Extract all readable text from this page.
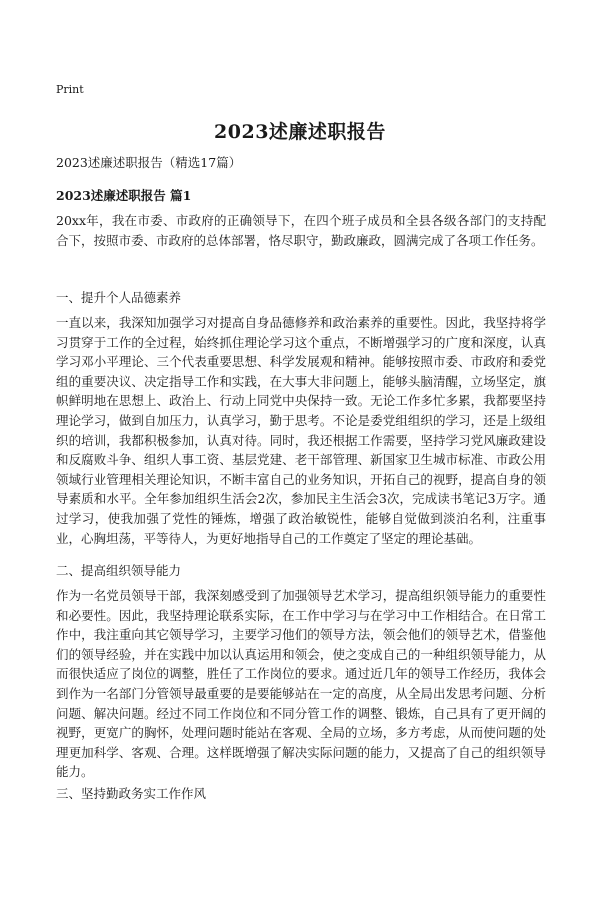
Print
2023述廉述职报告
2023述廉述职报告（精选17篇）
2023述廉述职报告 篇1
20xx年，我在市委、市政府的正确领导下，在四个班子成员和全县各级各部门的支持配合下，按照市委、市政府的总体部署，恪尽职守，勤政廉政，圆满完成了各项工作任务。
一、提升个人品德素养
一直以来，我深知加强学习对提高自身品德修养和政治素养的重要性。因此，我坚持将学习贯穿于工作的全过程，始终抓住理论学习这个重点，不断增强学习的广度和深度，认真学习邓小平理论、三个代表重要思想、科学发展观和精神。能够按照市委、市政府和委党组的重要决议、决定指导工作和实践，在大事大非问题上，能够头脑清醒，立场坚定，旗帜鲜明地在思想上、政治上、行动上同党中央保持一致。无论工作多忙多累，我都要坚持理论学习，做到自加压力，认真学习，勤于思考。不论是委党组组织的学习，还是上级组织的培训，我都积极参加，认真对待。同时，我还根据工作需要，坚持学习党风廉政建设和反腐败斗争、组织人事工资、基层党建、老干部管理、新国家卫生城市标准、市政公用领域行业管理相关理论知识，不断丰富自己的业务知识，开拓自己的视野，提高自身的领导素质和水平。全年参加组织生活会2次，参加民主生活会3次，完成读书笔记3万字。通过学习，使我加强了党性的锤炼，增强了政治敏锐性，能够自觉做到淡泊名利，注重事业，心胸坦荡，平等待人，为更好地指导自己的工作奠定了坚定的理论基础。
二、提高组织领导能力
作为一名党员领导干部，我深刻感受到了加强领导艺术学习，提高组织领导能力的重要性和必要性。因此，我坚持理论联系实际，在工作中学习与在学习中工作相结合。在日常工作中，我注重向其它领导学习，主要学习他们的领导方法，领会他们的领导艺术，借鉴他们的领导经验，并在实践中加以认真运用和领会，使之变成自己的一种组织领导能力，从而很快适应了岗位的调整，胜任了工作岗位的要求。通过近几年的领导工作经历，我体会到作为一名部门分管领导最重要的是要能够站在一定的高度，从全局出发思考问题、分析问题、解决问题。经过不同工作岗位和不同分管工作的调整、锻炼，自己具有了更开阔的视野，更宽广的胸怀，处理问题时能站在客观、全局的立场，多方考虑，从而使问题的处理更加科学、客观、合理。这样既增强了解决实际问题的能力，又提高了自己的组织领导能力。
三、坚持勤政务实工作作风
